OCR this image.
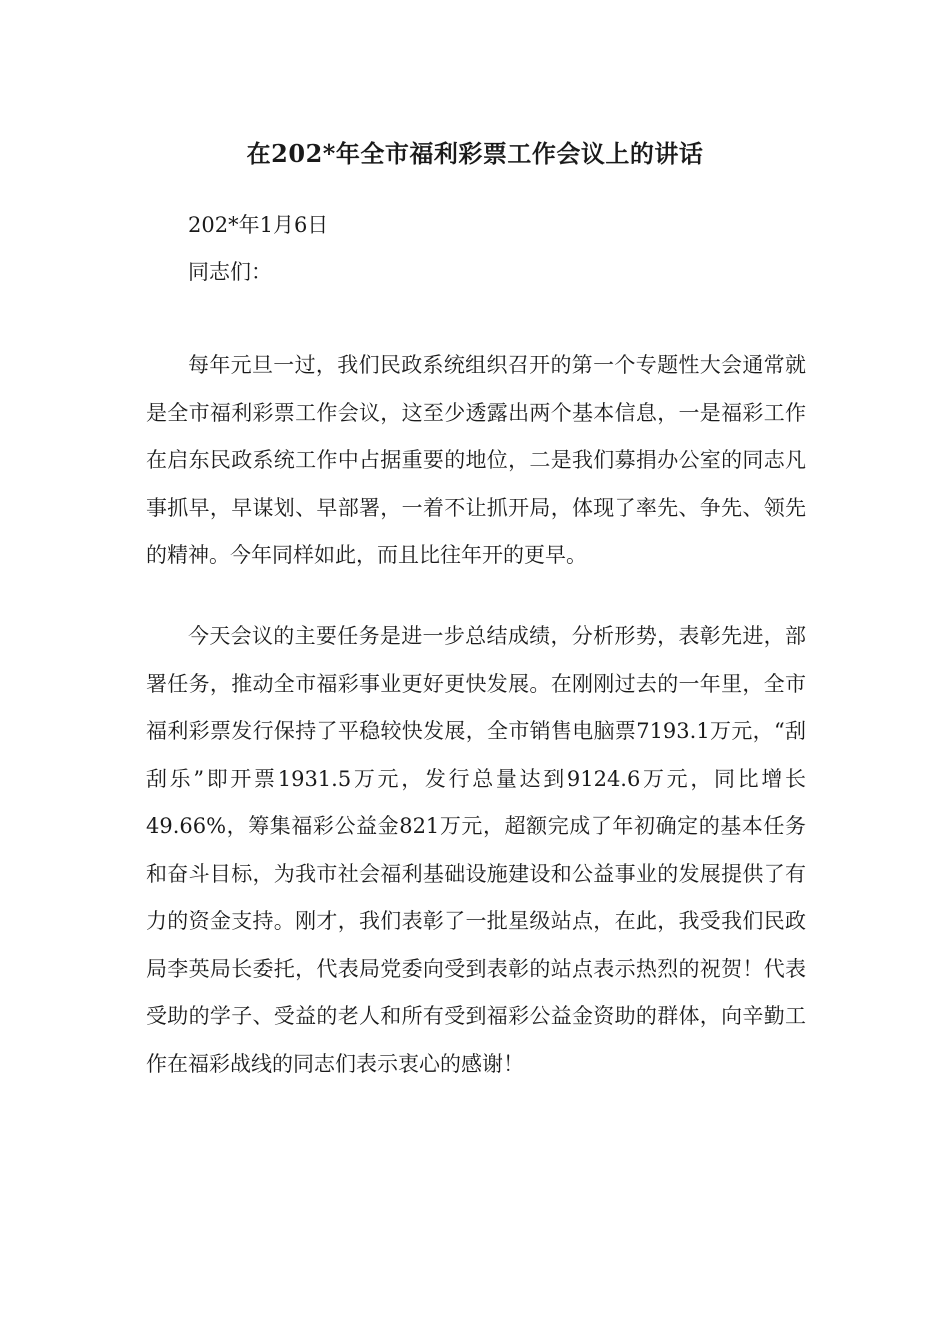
在202*年全市福利彩票工作会议上的讲话
202*年1月6日
同志们：

每年元旦一过，我们民政系统组织召开的第一个专题性大会通常就是全市福利彩票工作会议，这至少透露出两个基本信息，一是福彩工作在启东民政系统工作中占据重要的地位，二是我们募捐办公室的同志凡事抓早，早谋划、早部署，一着不让抓开局，体现了率先、争先、领先的精神。今年同样如此，而且比往年开的更早。

今天会议的主要任务是进一步总结成绩，分析形势，表彰先进，部署任务，推动全市福彩事业更好更快发展。在刚刚过去的一年里，全市福利彩票发行保持了平稳较快发展，全市销售电脑票7193.1万元，“刮刮乐”即开票1931.5万元，发行总量达到9124.6万元，同比增长49.66%，筹集福彩公益金821万元，超额完成了年初确定的基本任务和奋斗目标，为我市社会福利基础设施建设和公益事业的发展提供了有力的资金支持。刚才，我们表彰了一批星级站点，在此，我受我们民政局李英局长委托，代表局党委向受到表彰的站点表示热烈的祝贺！代表受助的学子、受益的老人和所有受到福彩公益金资助的群体，向辛勤工作在福彩战线的同志们表示衷心的感谢！
